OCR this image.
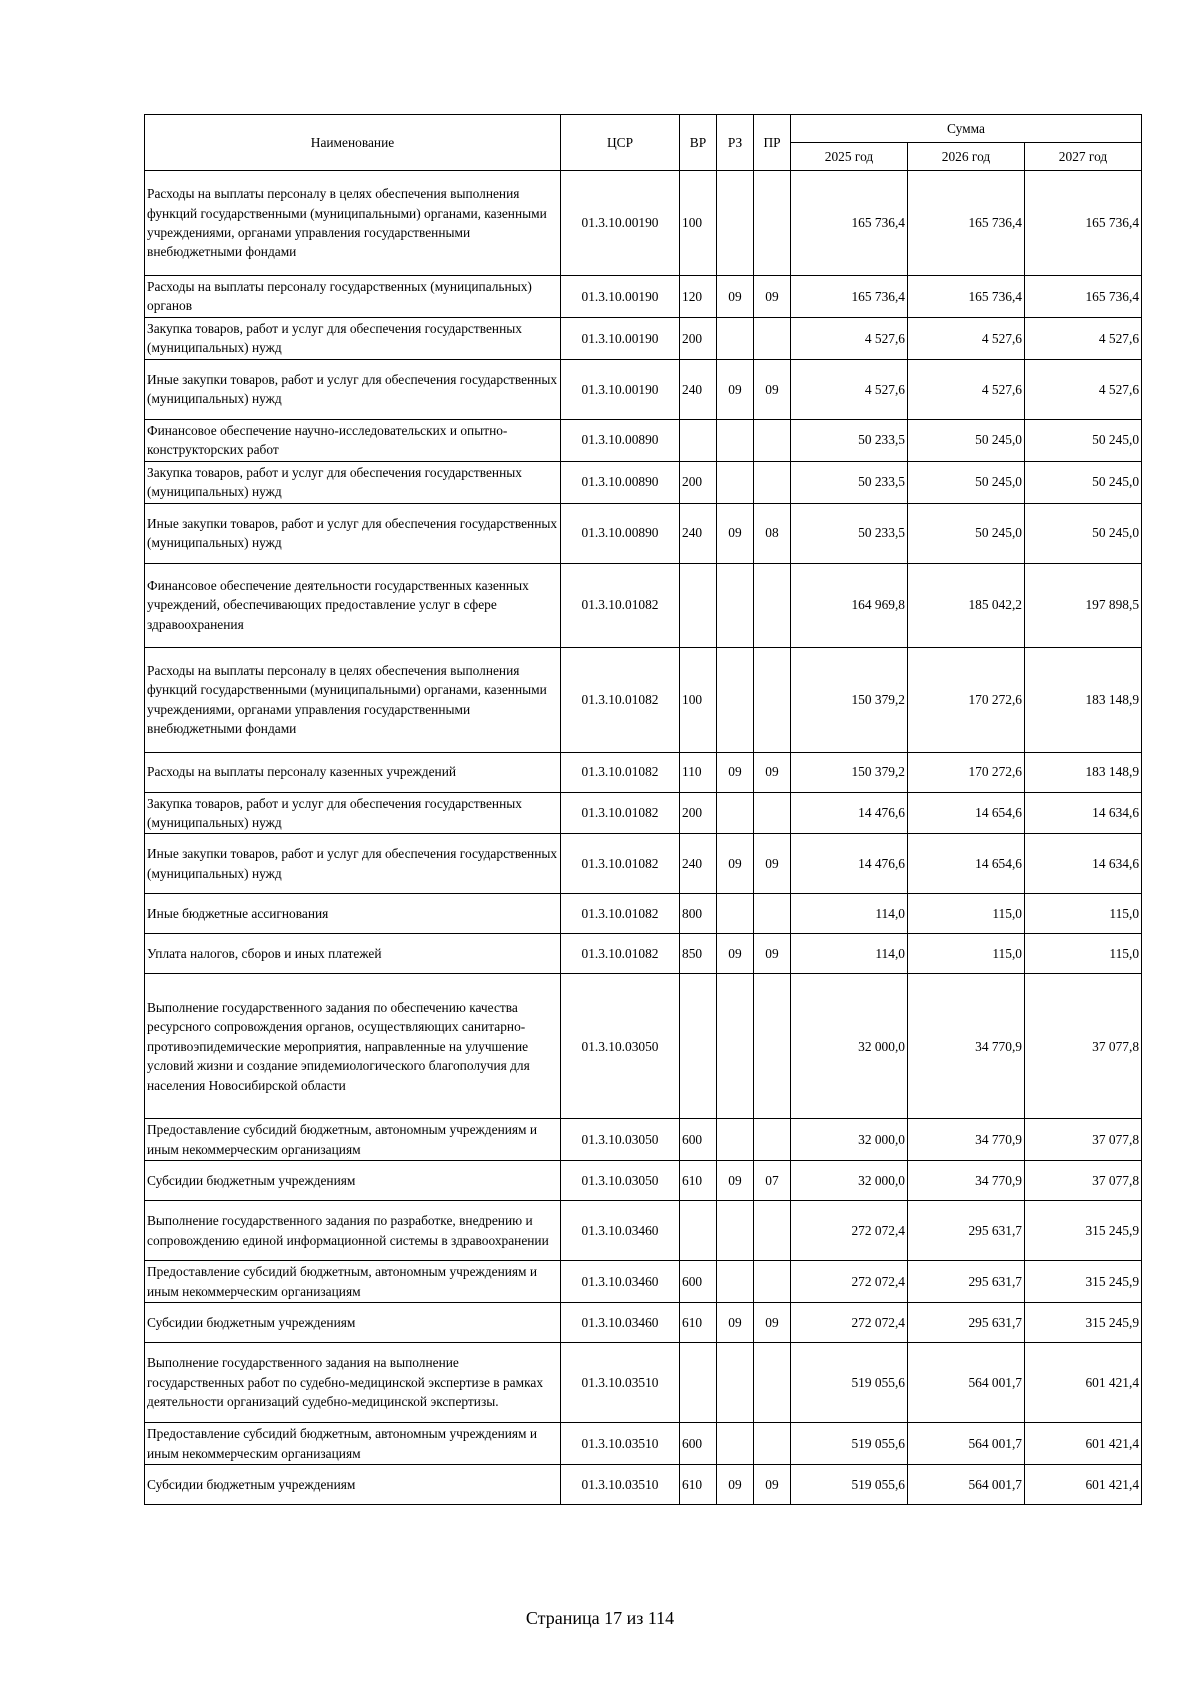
Наименование	ЦСР	ВР	РЗ	ПР	Сумма		
					2025 год	2026 год	2027 год
Расходы на выплаты персоналу в целях обеспечения выполнения функций государственными (муниципальными) органами, казенными учреждениями, органами управления государственными внебюджетными фондами	01.3.10.00190	100			165 736,4	165 736,4	165 736,4
Расходы на выплаты персоналу государственных (муниципальных) органов	01.3.10.00190	120	09	09	165 736,4	165 736,4	165 736,4
Закупка товаров, работ и услуг для обеспечения государственных (муниципальных) нужд	01.3.10.00190	200			4 527,6	4 527,6	4 527,6
Иные закупки товаров, работ и услуг для обеспечения государственных (муниципальных) нужд	01.3.10.00190	240	09	09	4 527,6	4 527,6	4 527,6
Финансовое обеспечение научно-исследовательских и опытно-конструкторских работ	01.3.10.00890				50 233,5	50 245,0	50 245,0
Закупка товаров, работ и услуг для обеспечения государственных (муниципальных) нужд	01.3.10.00890	200			50 233,5	50 245,0	50 245,0
Иные закупки товаров, работ и услуг для обеспечения государственных (муниципальных) нужд	01.3.10.00890	240	09	08	50 233,5	50 245,0	50 245,0
Финансовое обеспечение деятельности государственных казенных учреждений, обеспечивающих предоставление услуг в сфере здравоохранения	01.3.10.01082				164 969,8	185 042,2	197 898,5
Расходы на выплаты персоналу в целях обеспечения выполнения функций государственными (муниципальными) органами, казенными учреждениями, органами управления государственными внебюджетными фондами	01.3.10.01082	100			150 379,2	170 272,6	183 148,9
Расходы на выплаты персоналу казенных учреждений	01.3.10.01082	110	09	09	150 379,2	170 272,6	183 148,9
Закупка товаров, работ и услуг для обеспечения государственных (муниципальных) нужд	01.3.10.01082	200			14 476,6	14 654,6	14 634,6
Иные закупки товаров, работ и услуг для обеспечения государственных (муниципальных) нужд	01.3.10.01082	240	09	09	14 476,6	14 654,6	14 634,6
Иные бюджетные ассигнования	01.3.10.01082	800			114,0	115,0	115,0
Уплата налогов, сборов и иных платежей	01.3.10.01082	850	09	09	114,0	115,0	115,0
Выполнение государственного задания по обеспечению качества ресурсного сопровождения органов, осуществляющих санитарно-противоэпидемические мероприятия, направленные на улучшение условий жизни и создание эпидемиологического благополучия для населения Новосибирской области	01.3.10.03050				32 000,0	34 770,9	37 077,8
Предоставление субсидий бюджетным, автономным учреждениям и иным некоммерческим организациям	01.3.10.03050	600			32 000,0	34 770,9	37 077,8
Субсидии бюджетным учреждениям	01.3.10.03050	610	09	07	32 000,0	34 770,9	37 077,8
Выполнение государственного задания по разработке, внедрению и сопровождению единой информационной системы в здравоохранении	01.3.10.03460				272 072,4	295 631,7	315 245,9
Предоставление субсидий бюджетным, автономным учреждениям и иным некоммерческим организациям	01.3.10.03460	600			272 072,4	295 631,7	315 245,9
Субсидии бюджетным учреждениям	01.3.10.03460	610	09	09	272 072,4	295 631,7	315 245,9
Выполнение государственного задания на выполнение государственных работ по судебно-медицинской экспертизе в рамках деятельности организаций судебно-медицинской экспертизы.	01.3.10.03510				519 055,6	564 001,7	601 421,4
Предоставление субсидий бюджетным, автономным учреждениям и иным некоммерческим организациям	01.3.10.03510	600			519 055,6	564 001,7	601 421,4
Субсидии бюджетным учреждениям	01.3.10.03510	610	09	09	519 055,6	564 001,7	601 421,4
Страница 17 из 114
